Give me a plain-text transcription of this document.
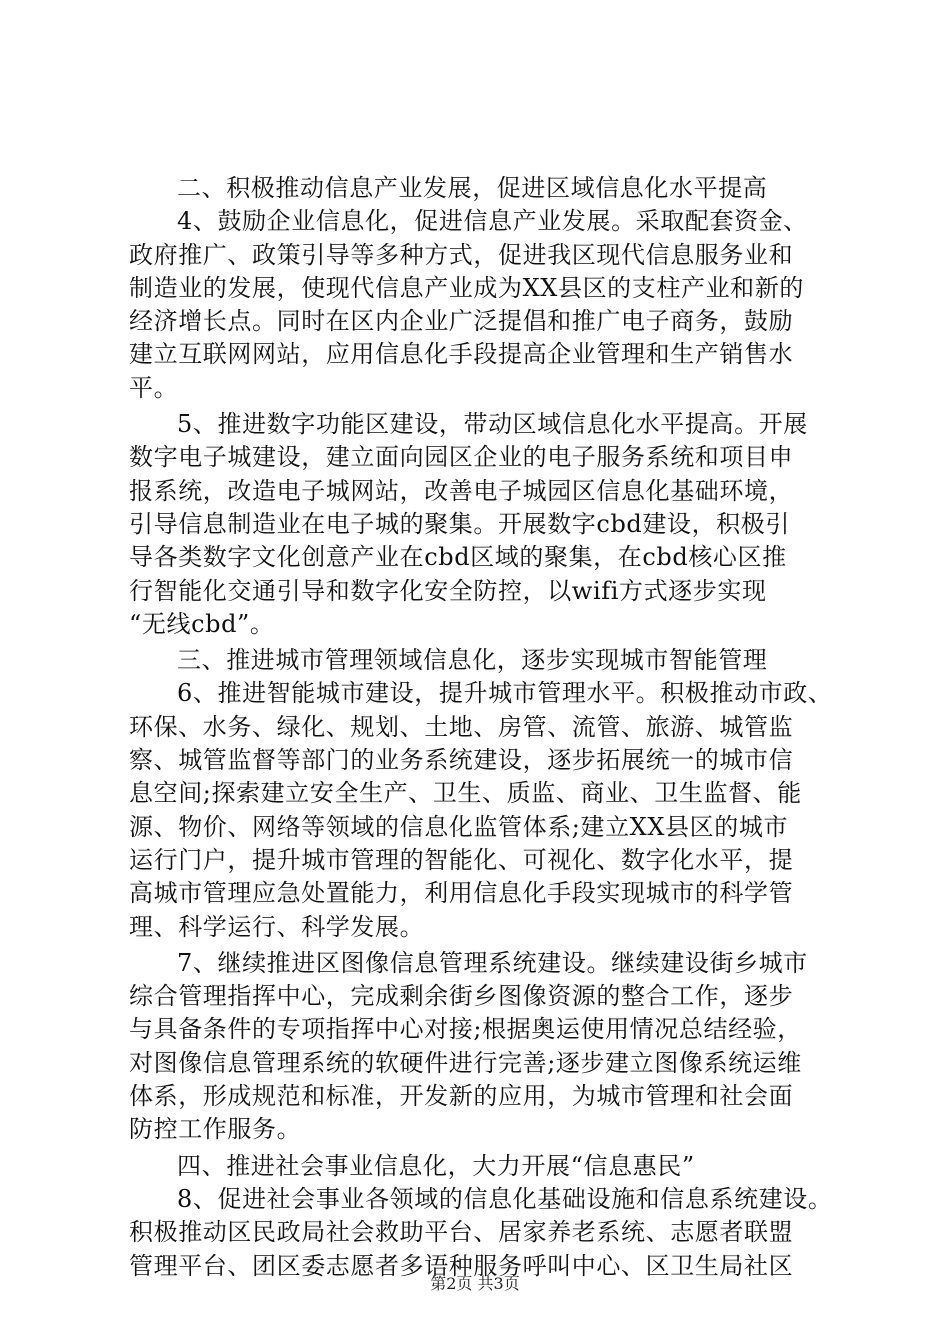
二、积极推动信息产业发展，促进区域信息化水平提高
4、鼓励企业信息化，促进信息产业发展。采取配套资金、
政府推广、政策引导等多种方式，促进我区现代信息服务业和
制造业的发展，使现代信息产业成为XX县区的支柱产业和新的
经济增长点。同时在区内企业广泛提倡和推广电子商务，鼓励
建立互联网网站，应用信息化手段提高企业管理和生产销售水
平。
5、推进数字功能区建设，带动区域信息化水平提高。开展
数字电子城建设，建立面向园区企业的电子服务系统和项目申
报系统，改造电子城网站，改善电子城园区信息化基础环境，
引导信息制造业在电子城的聚集。开展数字cbd建设，积极引
导各类数字文化创意产业在cbd区域的聚集，在cbd核心区推
行智能化交通引导和数字化安全防控，以wifi方式逐步实现
“无线cbd”。
三、推进城市管理领域信息化，逐步实现城市智能管理
6、推进智能城市建设，提升城市管理水平。积极推动市政、
环保、水务、绿化、规划、土地、房管、流管、旅游、城管监
察、城管监督等部门的业务系统建设，逐步拓展统一的城市信
息空间;探索建立安全生产、卫生、质监、商业、卫生监督、能
源、物价、网络等领域的信息化监管体系;建立XX县区的城市
运行门户，提升城市管理的智能化、可视化、数字化水平，提
高城市管理应急处置能力，利用信息化手段实现城市的科学管
理、科学运行、科学发展。
7、继续推进区图像信息管理系统建设。继续建设街乡城市
综合管理指挥中心，完成剩余街乡图像资源的整合工作，逐步
与具备条件的专项指挥中心对接;根据奥运使用情况总结经验，
对图像信息管理系统的软硬件进行完善;逐步建立图像系统运维
体系，形成规范和标准，开发新的应用，为城市管理和社会面
防控工作服务。
四、推进社会事业信息化，大力开展“信息惠民”
8、促进社会事业各领域的信息化基础设施和信息系统建设。
积极推动区民政局社会救助平台、居家养老系统、志愿者联盟
管理平台、团区委志愿者多语种服务呼叫中心、区卫生局社区
第2页 共3页
